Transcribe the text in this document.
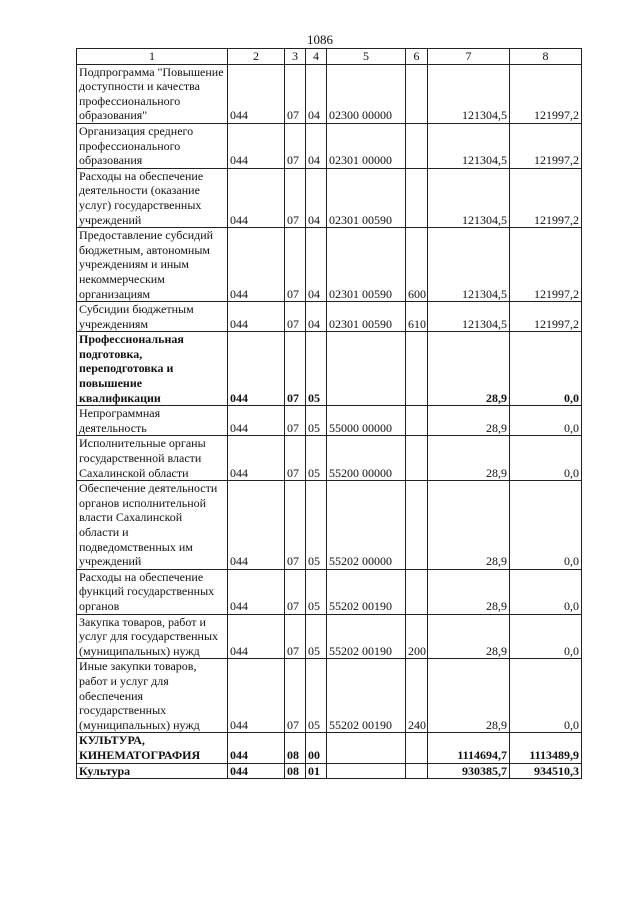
1086
1	2	3	4	5	6	7	8
Подпрограмма "Повышение доступности и качества профессионального образования"	044	07	04	02300 00000		121304,5	121997,2
Организация среднего профессионального образования	044	07	04	02301 00000		121304,5	121997,2
Расходы на обеспечение деятельности (оказание услуг) государственных учреждений	044	07	04	02301 00590		121304,5	121997,2
Предоставление субсидий бюджетным, автономным учреждениям и иным некоммерческим организациям	044	07	04	02301 00590	600	121304,5	121997,2
Субсидии бюджетным учреждениям	044	07	04	02301 00590	610	121304,5	121997,2
Профессиональная подготовка, переподготовка и повышение квалификации	044	07	05			28,9	0,0
Непрограммная деятельность	044	07	05	55000 00000		28,9	0,0
Исполнительные органы государственной власти Сахалинской области	044	07	05	55200 00000		28,9	0,0
Обеспечение деятельности органов исполнительной власти Сахалинской области и подведомственных им учреждений	044	07	05	55202 00000		28,9	0,0
Расходы на обеспечение функций государственных органов	044	07	05	55202 00190		28,9	0,0
Закупка товаров, работ и услуг для государственных (муниципальных) нужд	044	07	05	55202 00190	200	28,9	0,0
Иные закупки товаров, работ и услуг для обеспечения государственных (муниципальных) нужд	044	07	05	55202 00190	240	28,9	0,0
КУЛЬТУРА, КИНЕМАТОГРАФИЯ	044	08	00			1114694,7	1113489,9
Культура	044	08	01			930385,7	934510,3
